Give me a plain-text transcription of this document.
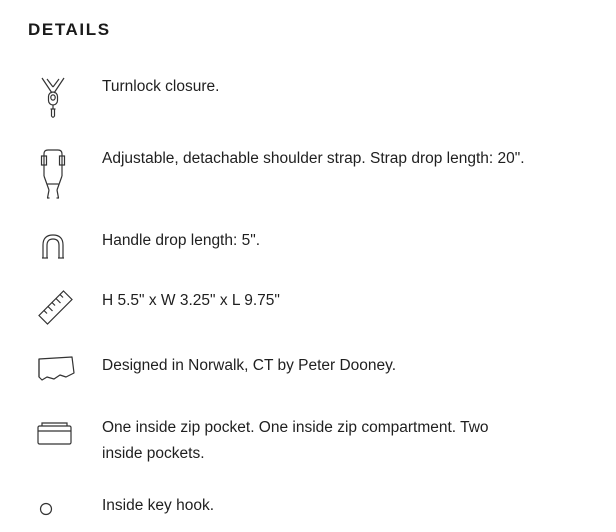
DETAILS
Turnlock closure.
Adjustable, detachable shoulder strap. Strap drop length: 20".
Handle drop length: 5".
H 5.5" x W 3.25" x L 9.75"
Designed in Norwalk, CT by Peter Dooney.
One inside zip pocket. One inside zip compartment. Two inside pockets.
Inside key hook.
